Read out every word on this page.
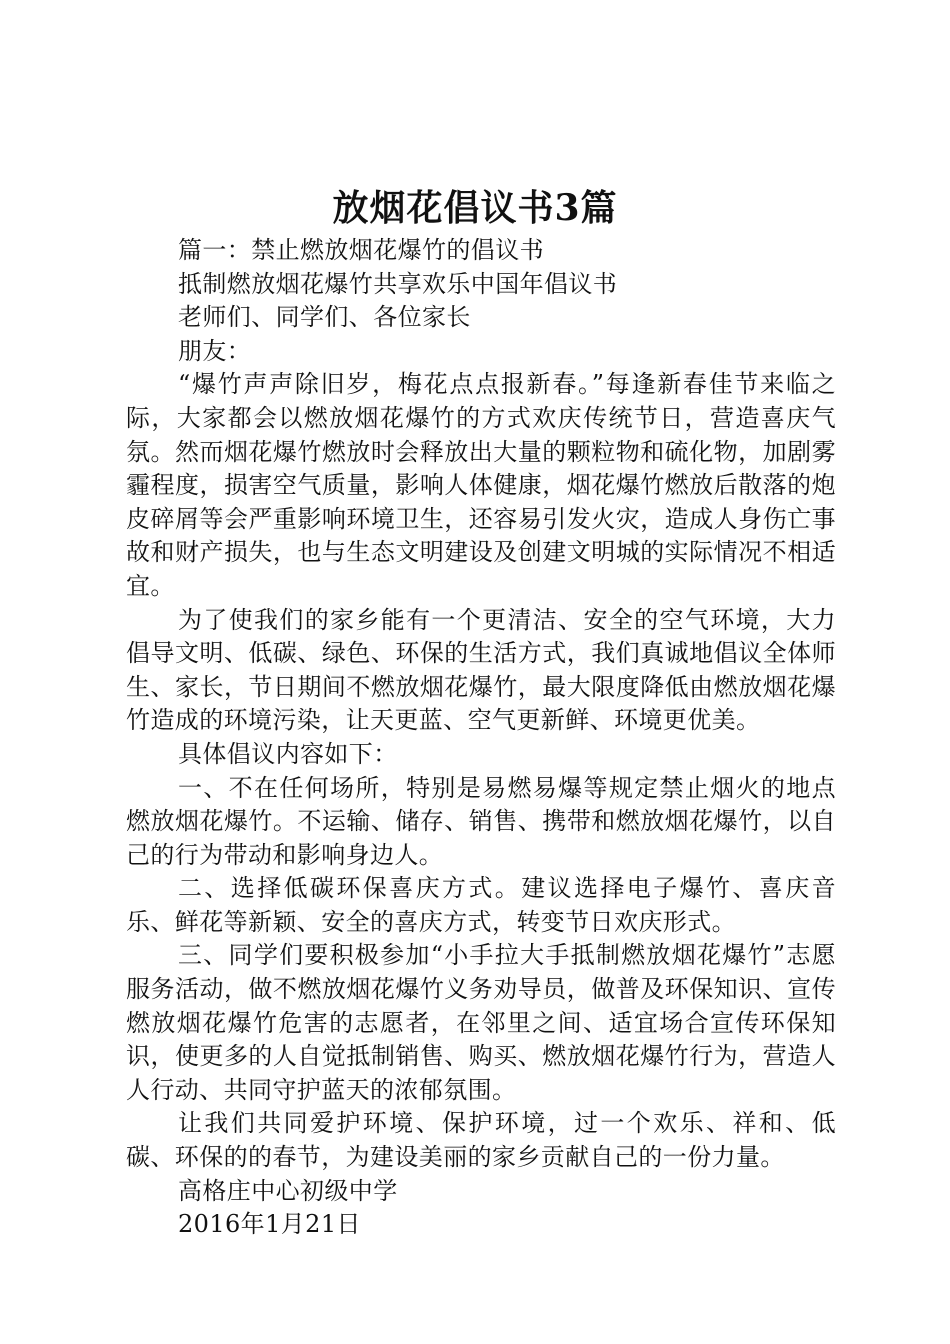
放烟花倡议书3篇

篇一：禁止燃放烟花爆竹的倡议书

抵制燃放烟花爆竹共享欢乐中国年倡议书

老师们、同学们、各位家长

朋友：

“爆竹声声除旧岁，梅花点点报新春。”每逢新春佳节来临之际，大家都会以燃放烟花爆竹的方式欢庆传统节日，营造喜庆气氛。然而烟花爆竹燃放时会释放出大量的颗粒物和硫化物，加剧雾霾程度，损害空气质量，影响人体健康，烟花爆竹燃放后散落的炮皮碎屑等会严重影响环境卫生，还容易引发火灾，造成人身伤亡事故和财产损失，也与生态文明建设及创建文明城的实际情况不相适宜。

为了使我们的家乡能有一个更清洁、安全的空气环境，大力倡导文明、低碳、绿色、环保的生活方式，我们真诚地倡议全体师生、家长，节日期间不燃放烟花爆竹，最大限度降低由燃放烟花爆竹造成的环境污染，让天更蓝、空气更新鲜、环境更优美。

具体倡议内容如下：

一、不在任何场所，特别是易燃易爆等规定禁止烟火的地点燃放烟花爆竹。不运输、储存、销售、携带和燃放烟花爆竹，以自己的行为带动和影响身边人。

二、选择低碳环保喜庆方式。建议选择电子爆竹、喜庆音乐、鲜花等新颖、安全的喜庆方式，转变节日欢庆形式。

三、同学们要积极参加“小手拉大手抵制燃放烟花爆竹”志愿服务活动，做不燃放烟花爆竹义务劝导员，做普及环保知识、宣传燃放烟花爆竹危害的志愿者，在邻里之间、适宜场合宣传环保知识，使更多的人自觉抵制销售、购买、燃放烟花爆竹行为，营造人人行动、共同守护蓝天的浓郁氛围。

让我们共同爱护环境、保护环境，过一个欢乐、祥和、低碳、环保的的春节，为建设美丽的家乡贡献自己的一份力量。

高格庄中心初级中学

2016年1月21日
